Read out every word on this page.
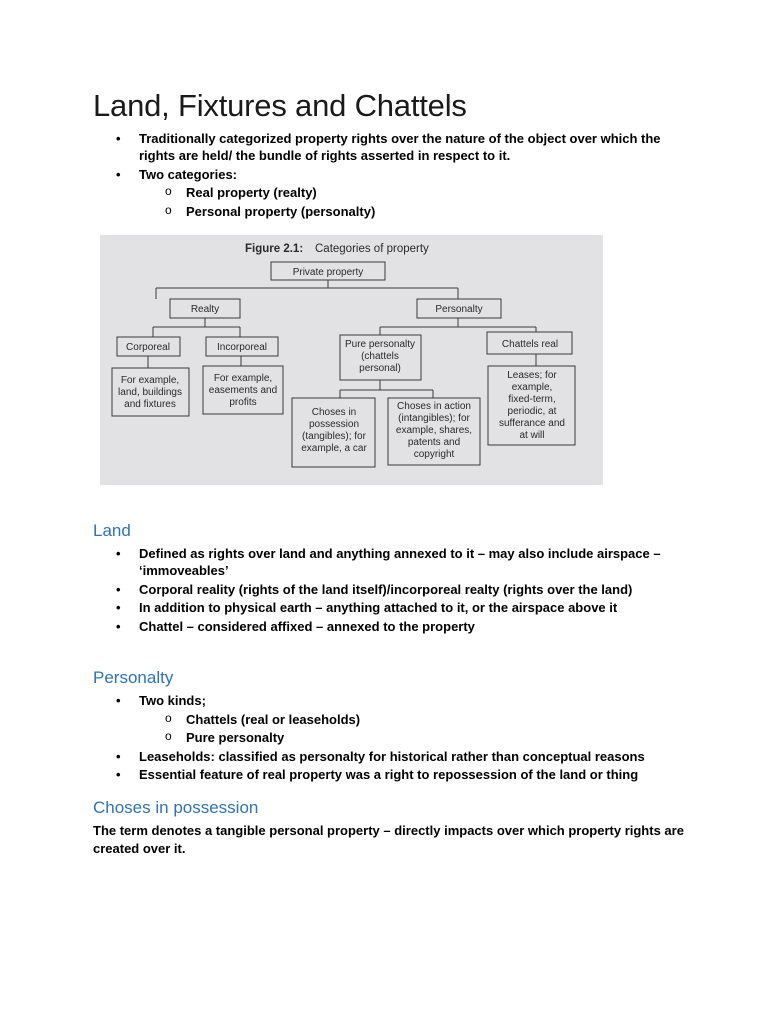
Land, Fixtures and Chattels
• Traditionally categorized property rights over the nature of the object over which the rights are held/ the bundle of rights asserted in respect to it.
• Two categories:
o Real property (realty)
o Personal property (personalty)
Figure 2.1: Categories of property
Private property
Realty	Personalty
Corporeal	Incorporeal	Pure personalty
(chattels
personal)
Chattels real
For example,
land, buildings
and fixtures
For example,
easements and
profits
Choses in
possession
(tangibles); for
example, a car
Choses in action
(intangibles); for
example, shares,
patents and
copyright
Leases; for
example,
fixed-term,
periodic, at
sufferance and
at will
Land
• Defined as rights over land and anything annexed to it – may also include airspace – ‘immoveables’
• Corporal reality (rights of the land itself)/incorporeal realty (rights over the land)
• In addition to physical earth – anything attached to it, or the airspace above it
• Chattel – considered affixed – annexed to the property
Personalty
• Two kinds;
o Chattels (real or leaseholds)
o Pure personalty
• Leaseholds: classified as personalty for historical rather than conceptual reasons
• Essential feature of real property was a right to repossession of the land or thing
Choses in possession

The term denotes a tangible personal property – directly impacts over which property rights are created over it.
